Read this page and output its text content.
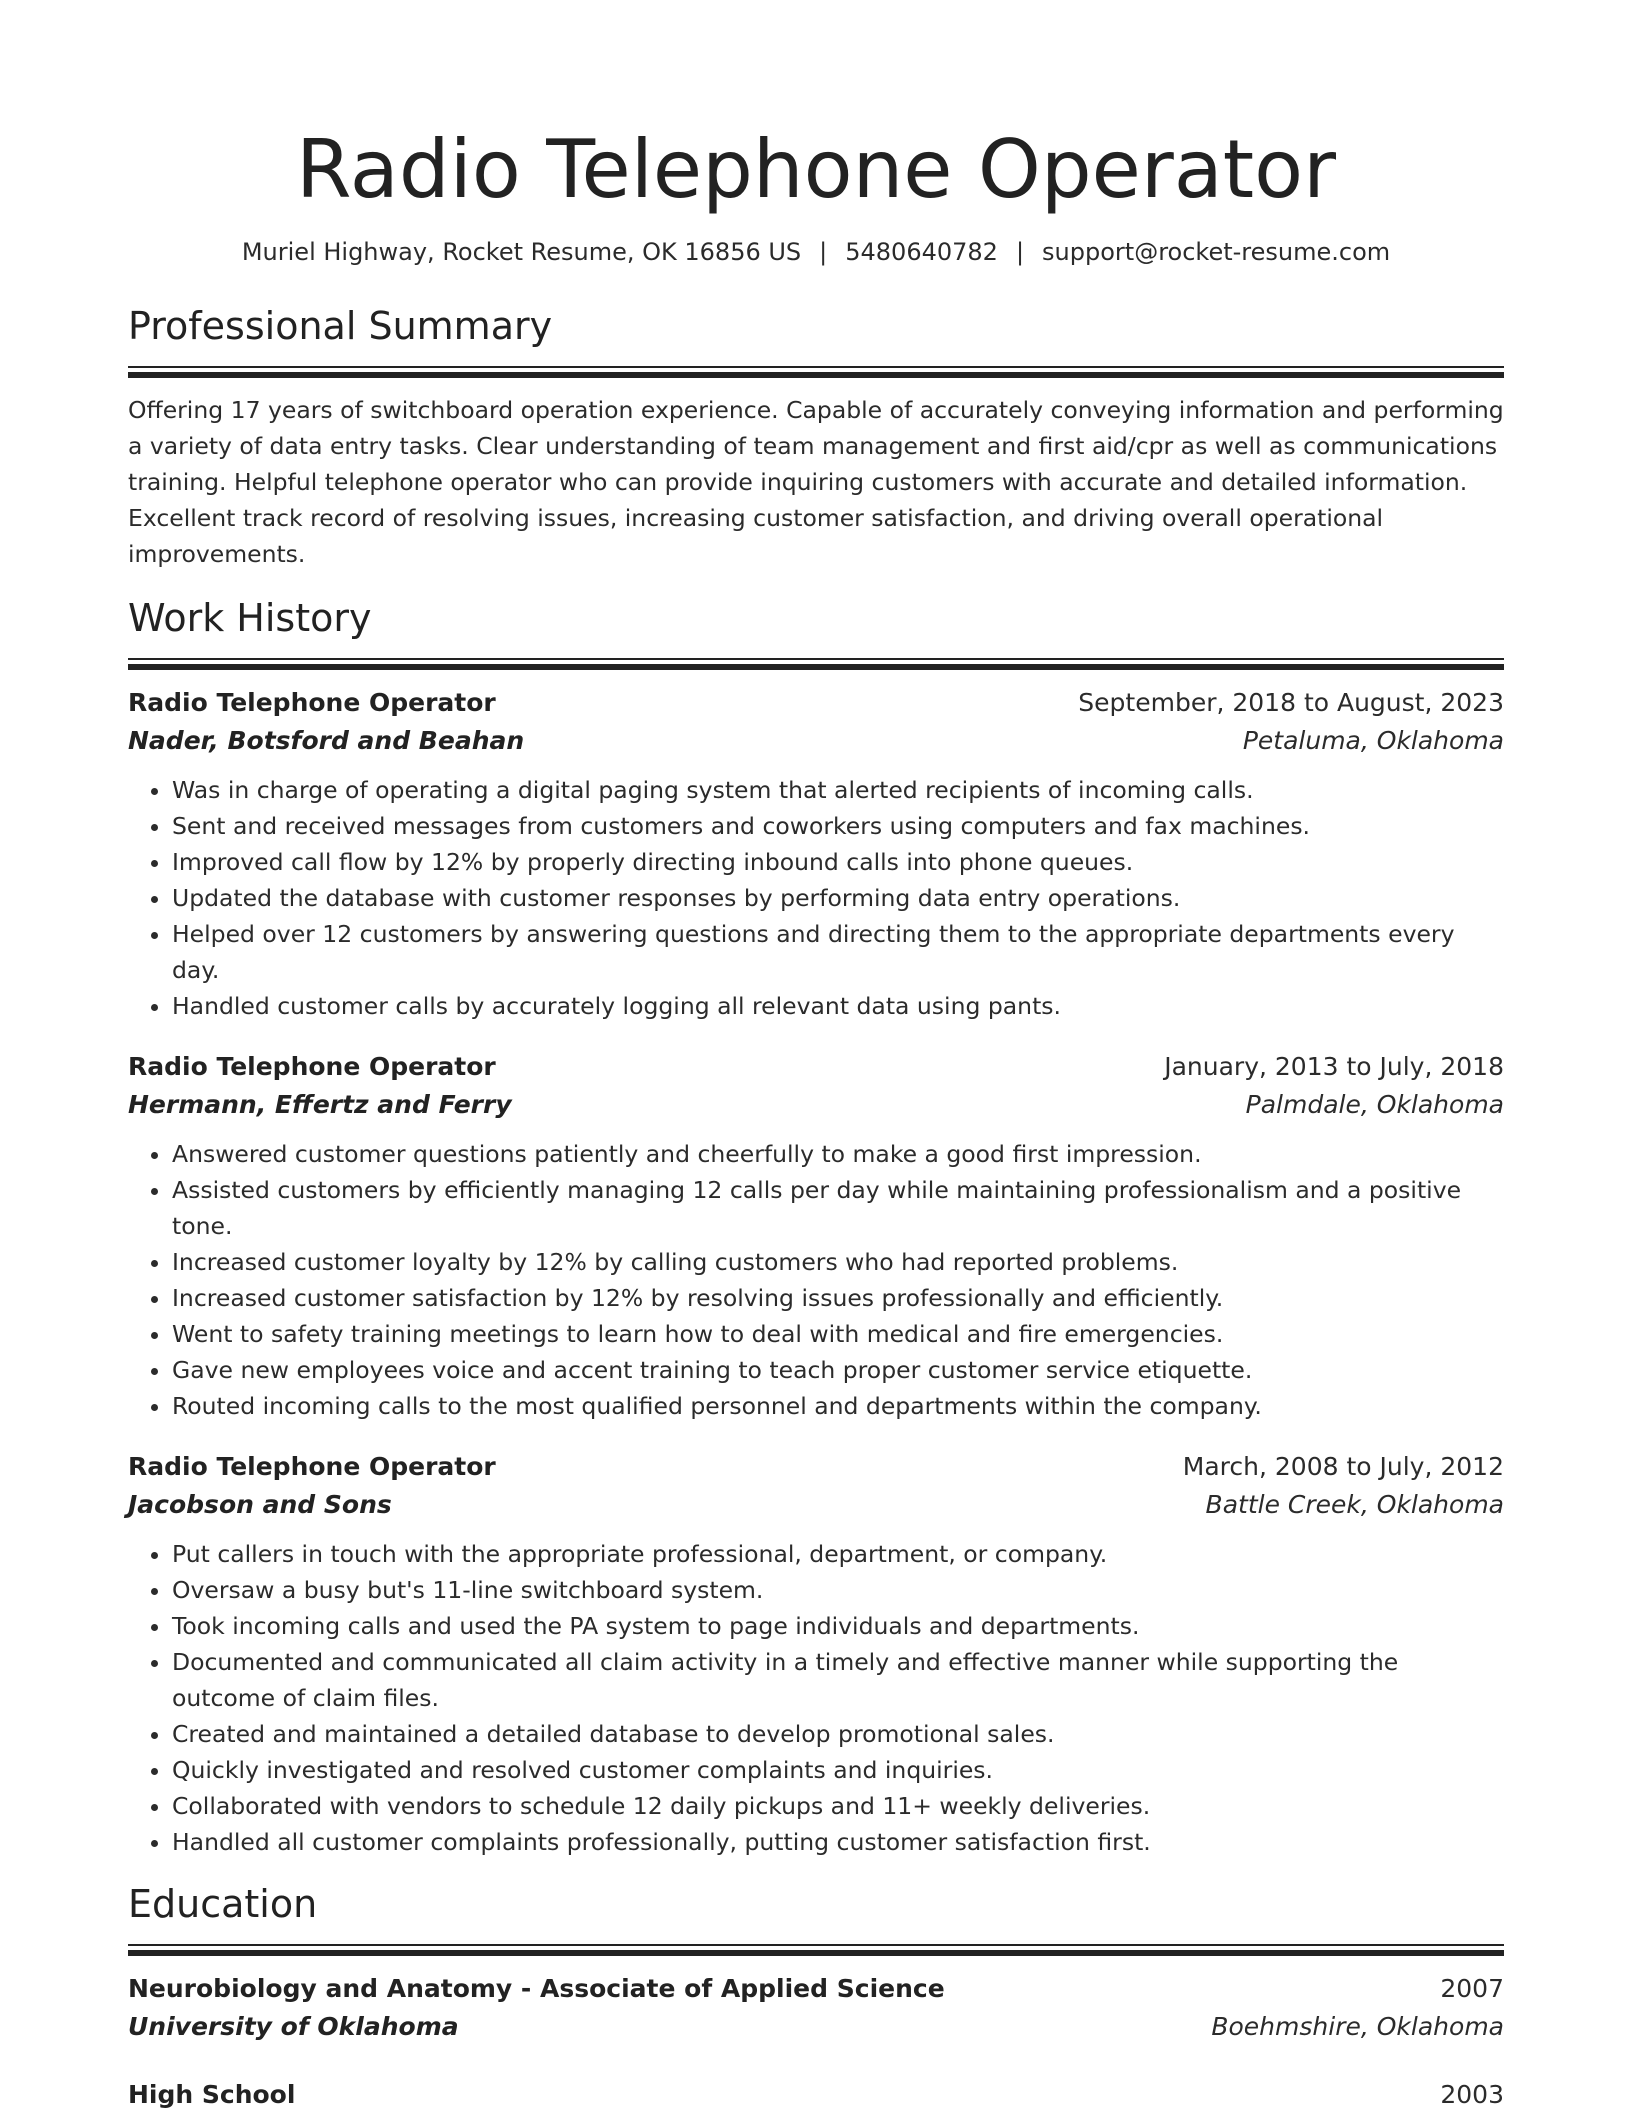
Radio Telephone Operator
Muriel Highway, Rocket Resume, OK 16856 US | 5480640782 | support@rocket-resume.com
Professional Summary
Offering 17 years of switchboard operation experience. Capable of accurately conveying information and performing a variety of data entry tasks. Clear understanding of team management and first aid/cpr as well as communications training. Helpful telephone operator who can provide inquiring customers with accurate and detailed information. Excellent track record of resolving issues, increasing customer satisfaction, and driving overall operational improvements.
Work History
Radio Telephone Operator	September, 2018 to August, 2023
Nader, Botsford and Beahan	Petaluma, Oklahoma
• Was in charge of operating a digital paging system that alerted recipients of incoming calls.
• Sent and received messages from customers and coworkers using computers and fax machines.
• Improved call flow by 12% by properly directing inbound calls into phone queues.
• Updated the database with customer responses by performing data entry operations.
• Helped over 12 customers by answering questions and directing them to the appropriate departments every day.
• Handled customer calls by accurately logging all relevant data using pants.
Radio Telephone Operator	January, 2013 to July, 2018
Hermann, Effertz and Ferry	Palmdale, Oklahoma
• Answered customer questions patiently and cheerfully to make a good first impression.
• Assisted customers by efficiently managing 12 calls per day while maintaining professionalism and a positive tone.
• Increased customer loyalty by 12% by calling customers who had reported problems.
• Increased customer satisfaction by 12% by resolving issues professionally and efficiently.
• Went to safety training meetings to learn how to deal with medical and fire emergencies.
• Gave new employees voice and accent training to teach proper customer service etiquette.
• Routed incoming calls to the most qualified personnel and departments within the company.
Radio Telephone Operator	March, 2008 to July, 2012
Jacobson and Sons	Battle Creek, Oklahoma
• Put callers in touch with the appropriate professional, department, or company.
• Oversaw a busy but's 11-line switchboard system.
• Took incoming calls and used the PA system to page individuals and departments.
• Documented and communicated all claim activity in a timely and effective manner while supporting the outcome of claim files.
• Created and maintained a detailed database to develop promotional sales.
• Quickly investigated and resolved customer complaints and inquiries.
• Collaborated with vendors to schedule 12 daily pickups and 11+ weekly deliveries.
• Handled all customer complaints professionally, putting customer satisfaction first.
Education
Neurobiology and Anatomy - Associate of Applied Science	2007
University of Oklahoma	Boehmshire, Oklahoma
High School	2003
